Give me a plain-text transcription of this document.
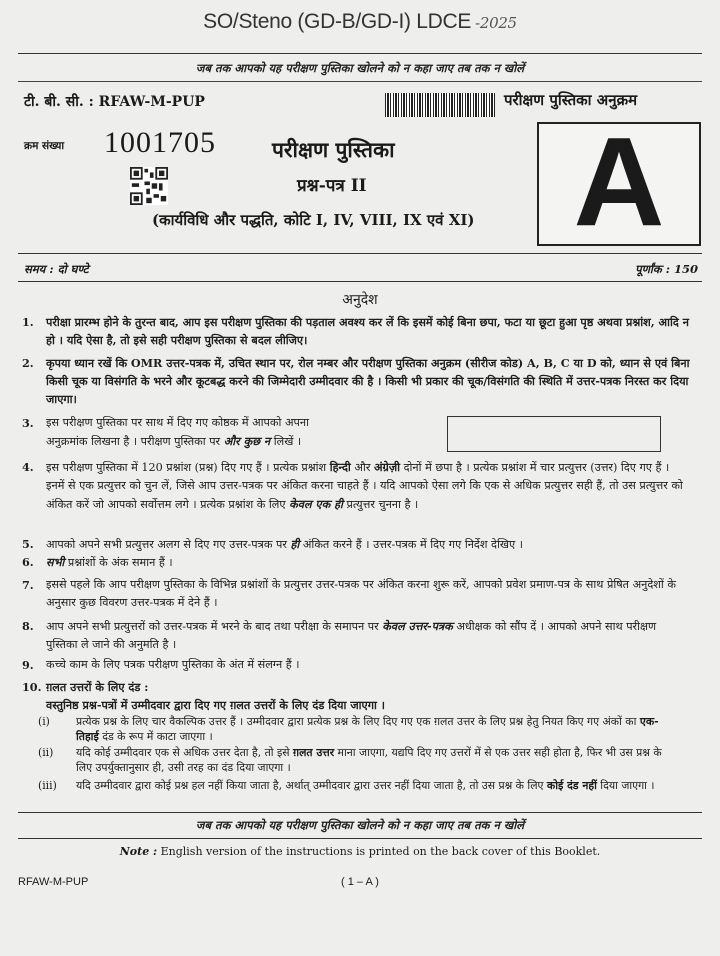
SO/Steno (GD-B/GD-I) LDCE -2025
जब तक आपको यह परीक्षण पुस्तिका खोलने को न कहा जाए तब तक न खोलें
टी. बी. सी. : RFAW-M-PUP	परीक्षण पुस्तिका अनुक्रम
क्रम संख्या 1001705	परीक्षण पुस्तिका
प्रश्न-पत्र II
(कार्यविधि और पद्धति, कोटि I, IV, VIII, IX एवं XI) A
समय : दो घण्टे	पूर्णांक : 150
अनुदेश
1. परीक्षा प्रारम्भ होने के तुरन्त बाद, आप इस परीक्षण पुस्तिका की पड़ताल अवश्य कर लें कि इसमें कोई बिना छपा, फटा या छूटा हुआ पृष्ठ अथवा प्रश्नांश, आदि न हो । यदि ऐसा है, तो इसे सही परीक्षण पुस्तिका से बदल लीजिए।
2. कृपया ध्यान रखें कि OMR उत्तर-पत्रक में, उचित स्थान पर, रोल नम्बर और परीक्षण पुस्तिका अनुक्रम (सीरीज कोड) A, B, C या D को, ध्यान से एवं बिना किसी चूक या विसंगति के भरने और कूटबद्ध करने की जिम्मेदारी उम्मीदवार की है । किसी भी प्रकार की चूक/विसंगति की स्थिति में उत्तर-पत्रक निरस्त कर दिया जाएगा।
3. इस परीक्षण पुस्तिका पर साथ में दिए गए कोष्ठक में आपको अपना
अनुक्रमांक लिखना है । परीक्षण पुस्तिका पर और कुछ न लिखें ।
4. इस परीक्षण पुस्तिका में 120 प्रश्नांश (प्रश्न) दिए गए हैं । प्रत्येक प्रश्नांश हिन्दी और अंग्रेज़ी दोनों में छपा है । प्रत्येक प्रश्नांश में चार प्रत्युत्तर (उत्तर) दिए गए हैं । इनमें से एक प्रत्युत्तर को चुन लें, जिसे आप उत्तर-पत्रक पर अंकित करना चाहते हैं । यदि आपको ऐसा लगे कि एक से अधिक प्रत्युत्तर सही हैं, तो उस प्रत्युत्तर को अंकित करें जो आपको सर्वोत्तम लगे । प्रत्येक प्रश्नांश के लिए केवल एक ही प्रत्युत्तर चुनना है ।
5. आपको अपने सभी प्रत्युत्तर अलग से दिए गए उत्तर-पत्रक पर ही अंकित करने हैं । उत्तर-पत्रक में दिए गए निर्देश देखिए ।
6. सभी प्रश्नांशों के अंक समान हैं ।
7. इससे पहले कि आप परीक्षण पुस्तिका के विभिन्न प्रश्नांशों के प्रत्युत्तर उत्तर-पत्रक पर अंकित करना शुरू करें, आपको प्रवेश प्रमाण-पत्र के साथ प्रेषित अनुदेशों के अनुसार कुछ विवरण उत्तर-पत्रक में देने हैं ।
8. आप अपने सभी प्रत्युत्तरों को उत्तर-पत्रक में भरने के बाद तथा परीक्षा के समापन पर केवल उत्तर-पत्रक अधीक्षक को सौंप दें । आपको अपने साथ परीक्षण पुस्तिका ले जाने की अनुमति है ।
9. कच्चे काम के लिए पत्रक परीक्षण पुस्तिका के अंत में संलग्न हैं ।
10. ग़लत उत्तरों के लिए दंड :
वस्तुनिष्ठ प्रश्न-पत्रों में उम्मीदवार द्वारा दिए गए ग़लत उत्तरों के लिए दंड दिया जाएगा ।
(i) प्रत्येक प्रश्न के लिए चार वैकल्पिक उत्तर हैं । उम्मीदवार द्वारा प्रत्येक प्रश्न के लिए दिए गए एक ग़लत उत्तर के लिए प्रश्न हेतु नियत किए गए अंकों का एक-तिहाई दंड के रूप में काटा जाएगा ।
(ii) यदि कोई उम्मीदवार एक से अधिक उत्तर देता है, तो इसे ग़लत उत्तर माना जाएगा, यद्यपि दिए गए उत्तरों में से एक उत्तर सही होता है, फिर भी उस प्रश्न के लिए उपर्युक्तानुसार ही, उसी तरह का दंड दिया जाएगा ।
(iii) यदि उम्मीदवार द्वारा कोई प्रश्न हल नहीं किया जाता है, अर्थात् उम्मीदवार द्वारा उत्तर नहीं दिया जाता है, तो उस प्रश्न के लिए कोई दंड नहीं दिया जाएगा ।
जब तक आपको यह परीक्षण पुस्तिका खोलने को न कहा जाए तब तक न खोलें
Note : English version of the instructions is printed on the back cover of this Booklet.
RFAW-M-PUP	( 1 – A )
